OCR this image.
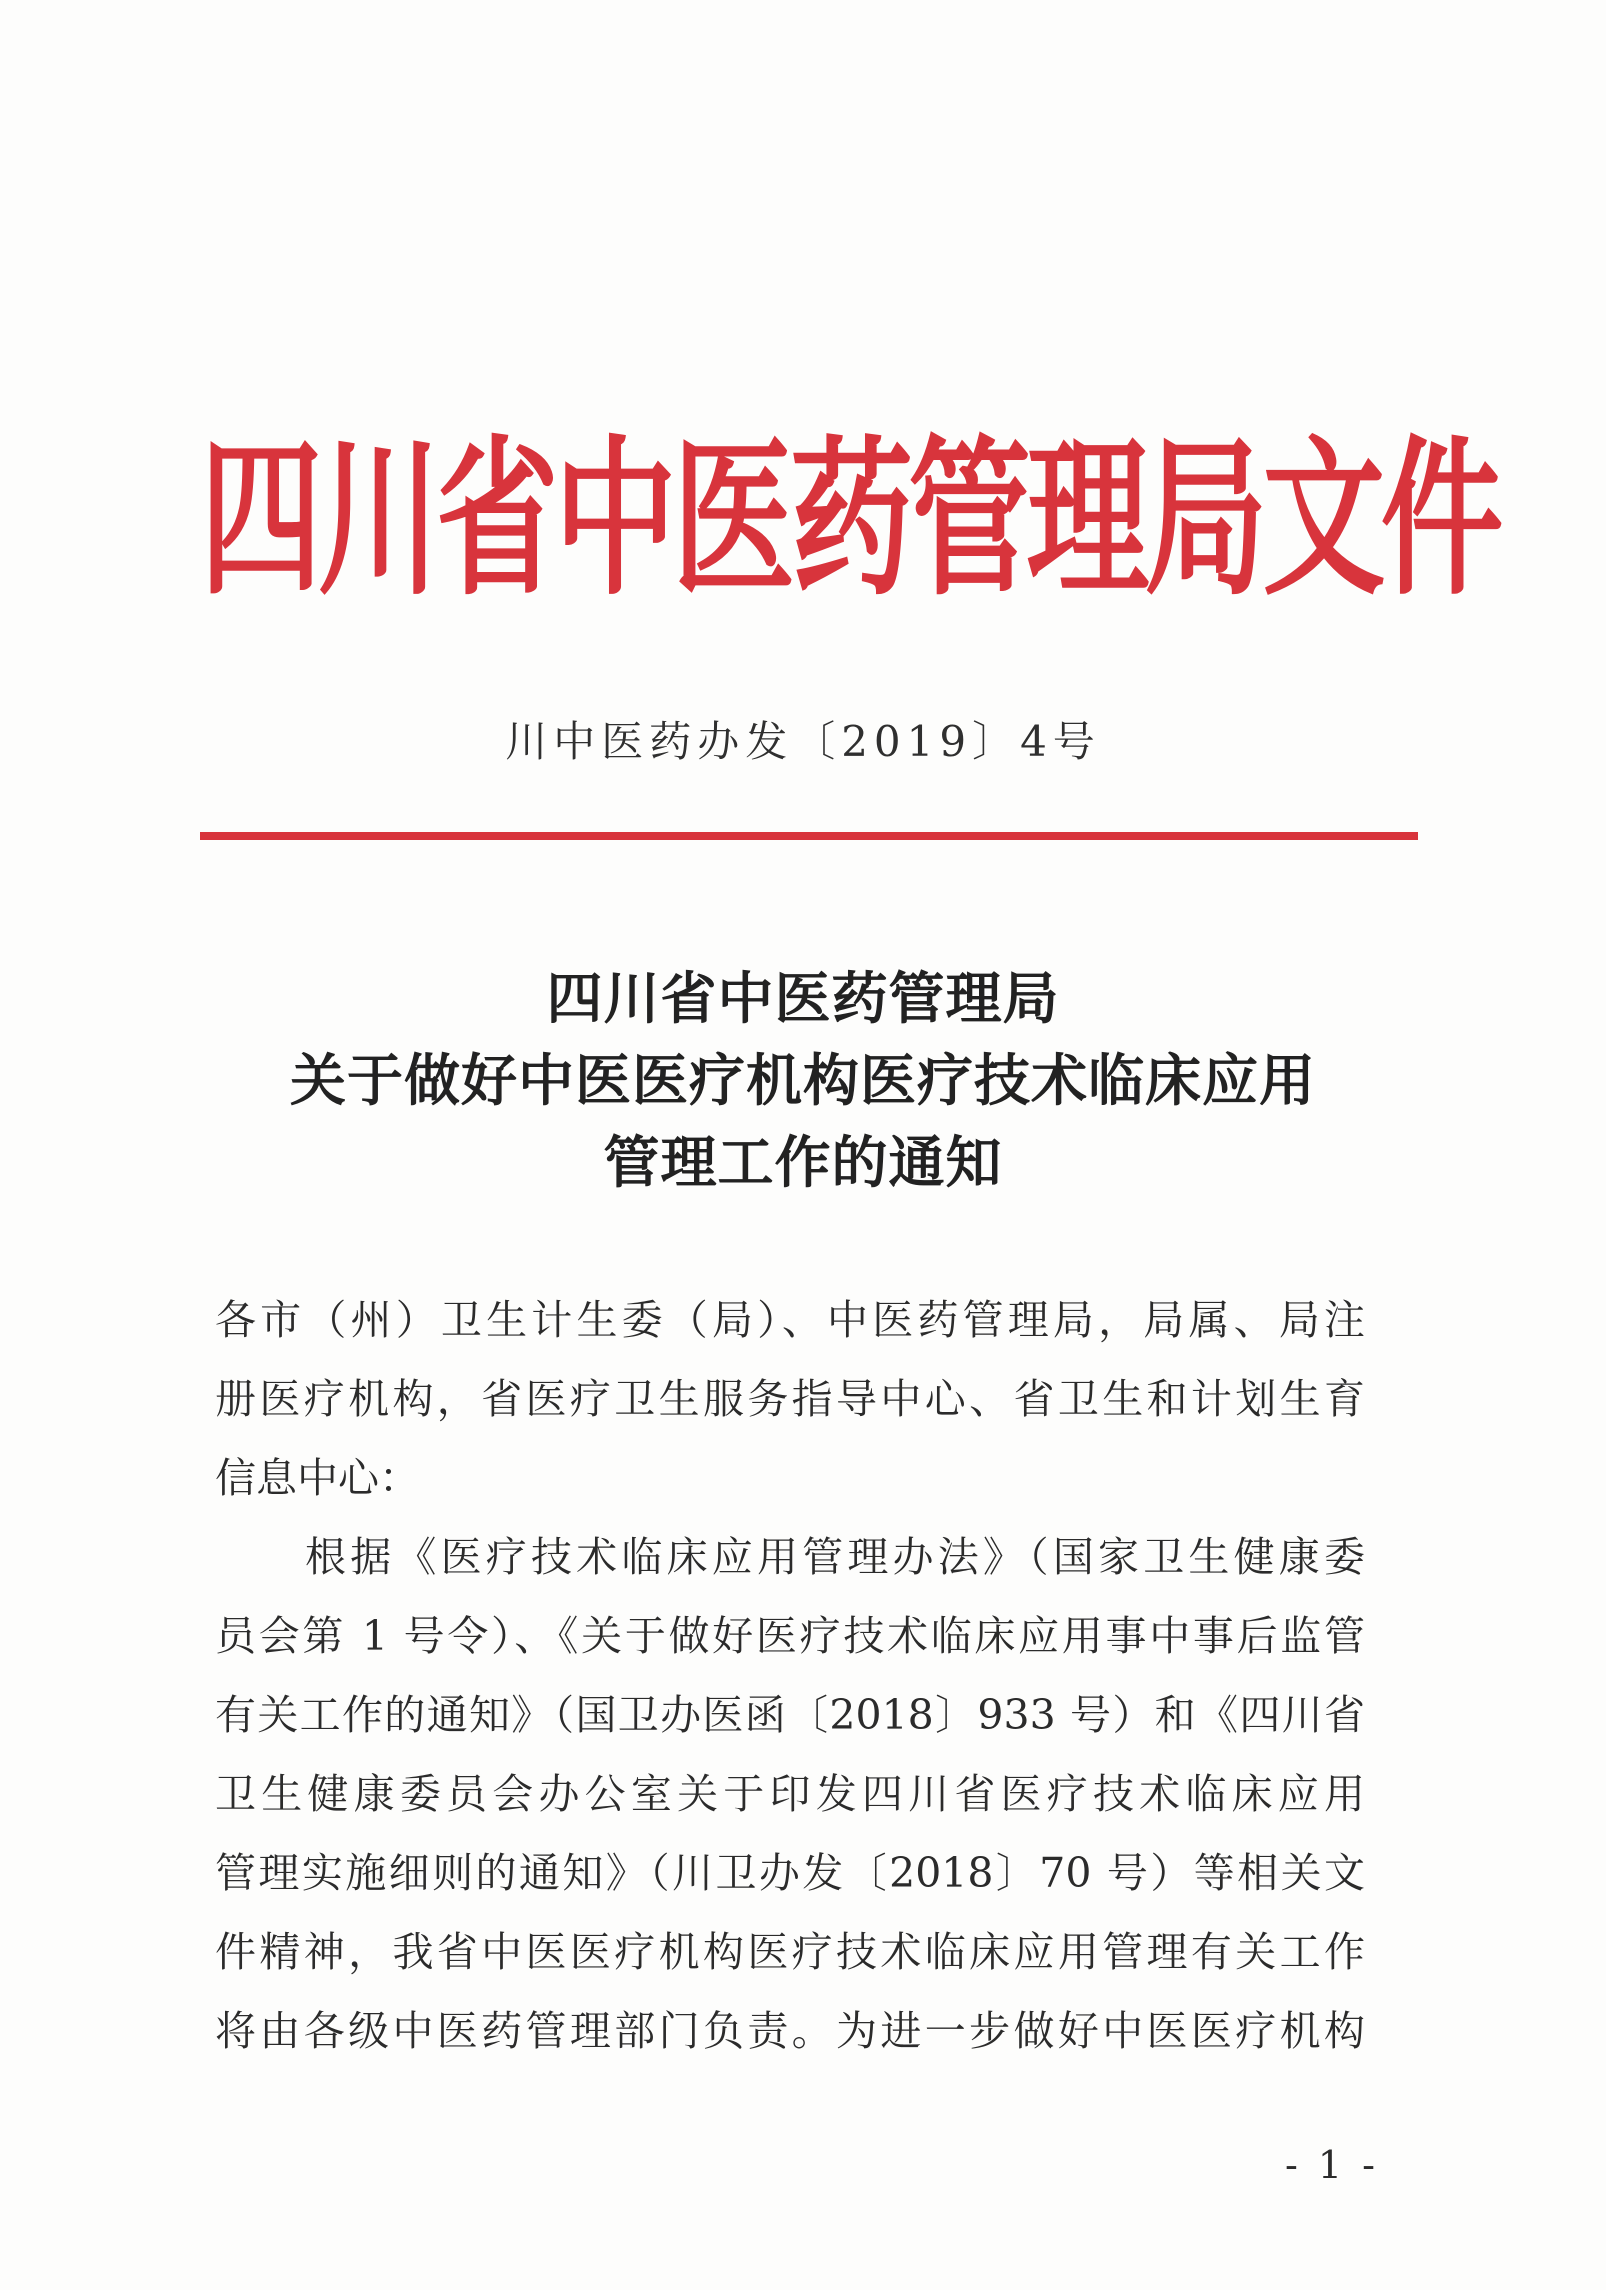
四川省中医药管理局文件
川中医药办发〔2019〕4号
四川省中医药管理局
关于做好中医医疗机构医疗技术临床应用
管理工作的通知
各市（州）卫生计生委（局）、中医药管理局，局属、局注
册医疗机构，省医疗卫生服务指导中心、省卫生和计划生育
信息中心：
根据《医疗技术临床应用管理办法》（国家卫生健康委
员会第 1 号令）、《关于做好医疗技术临床应用事中事后监管
有关工作的通知》（国卫办医函〔2018〕933 号）和《四川省
卫生健康委员会办公室关于印发四川省医疗技术临床应用
管理实施细则的通知》（川卫办发〔2018〕70 号）等相关文
件精神，我省中医医疗机构医疗技术临床应用管理有关工作
将由各级中医药管理部门负责。为进一步做好中医医疗机构
- 1 -
